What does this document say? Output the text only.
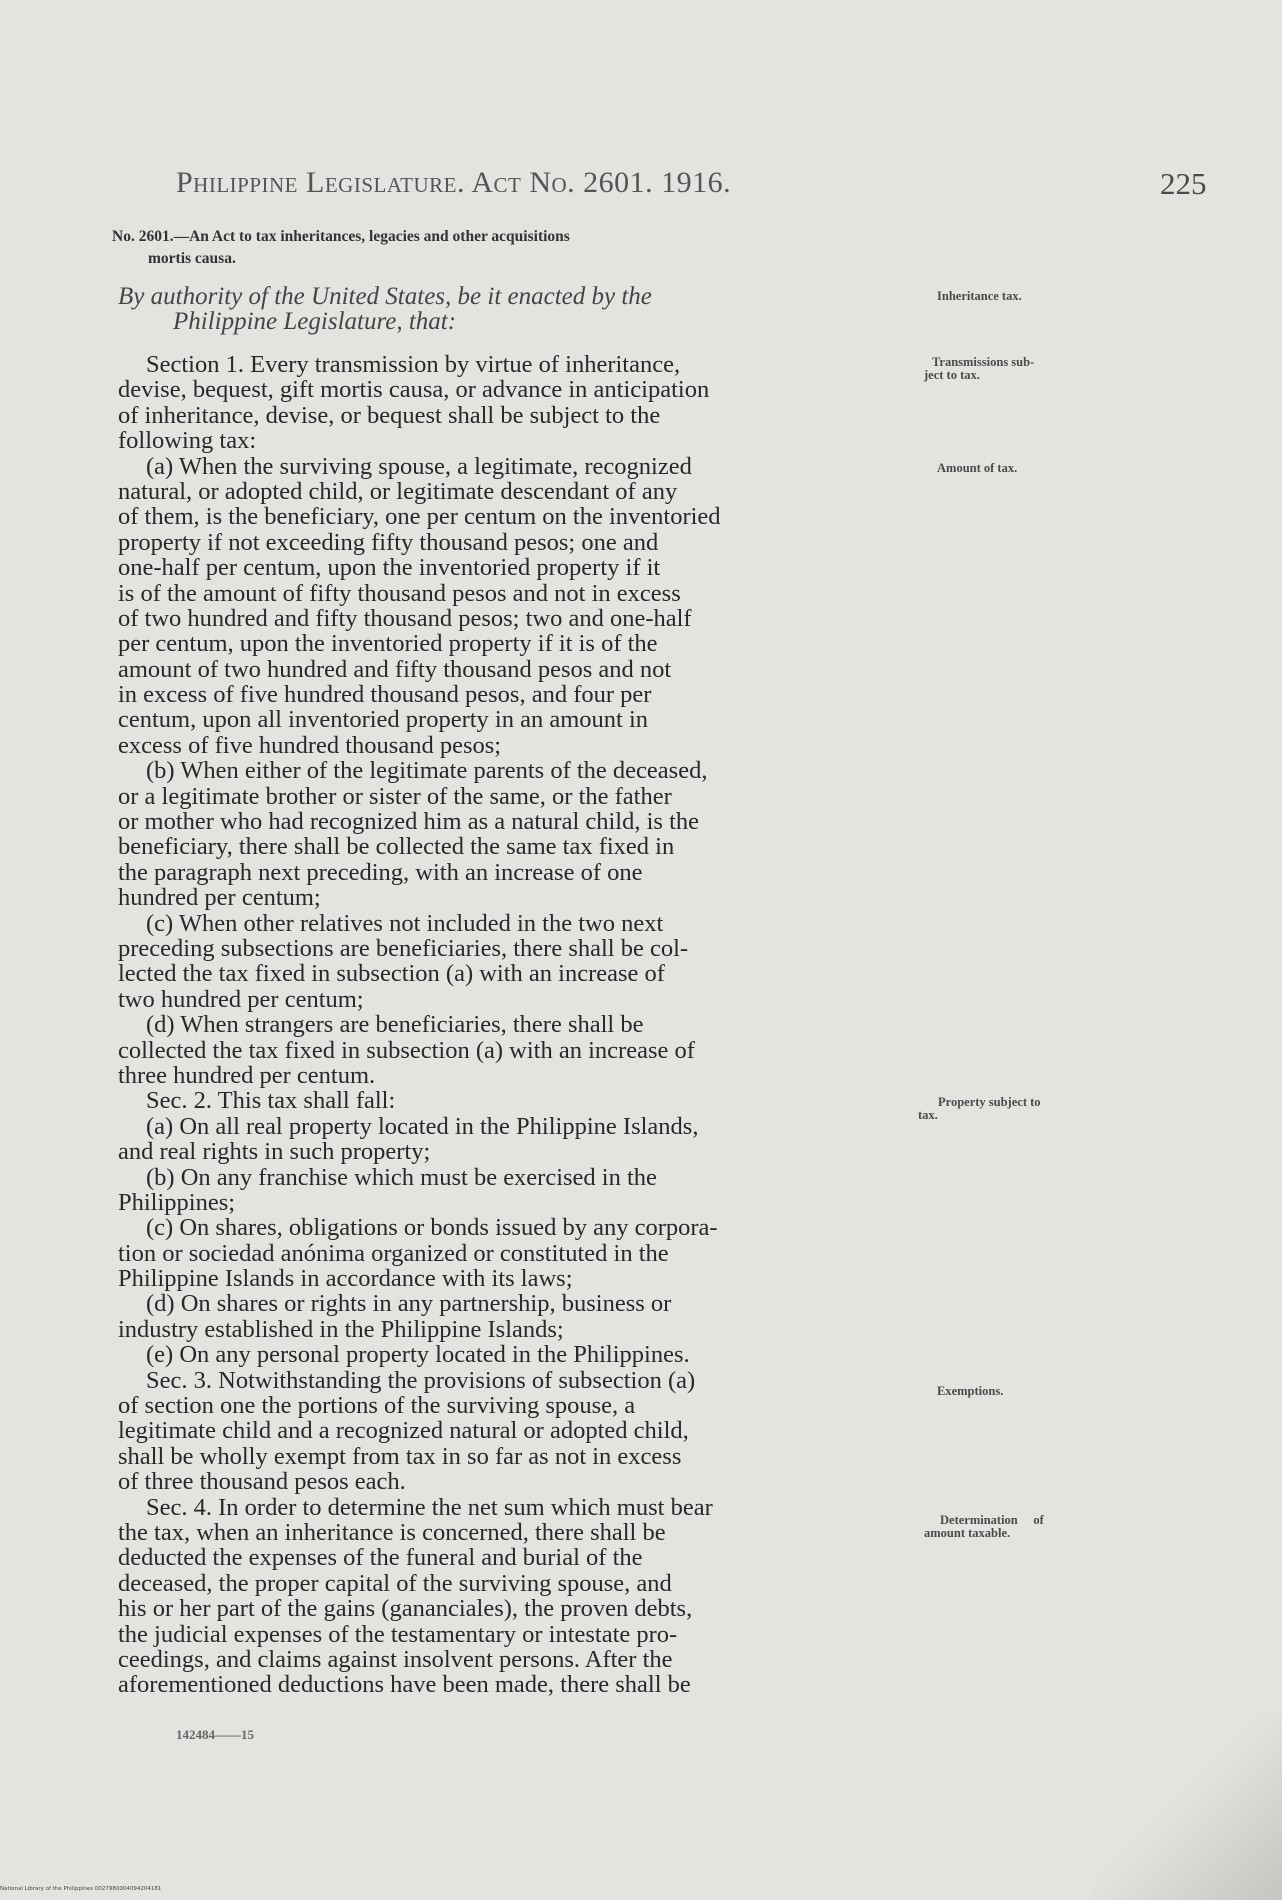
Philippine Legislature. Act No. 2601. 1916.	225
No. 2601.—An Act to tax inheritances, legacies and other acquisitions
mortis causa.
By authority of the United States, be it enacted by the
Philippine Legislature, that:
Section 1. Every transmission by virtue of inheritance,
devise, bequest, gift mortis causa, or advance in anticipation
of inheritance, devise, or bequest shall be subject to the
following tax:
(a) When the surviving spouse, a legitimate, recognized
natural, or adopted child, or legitimate descendant of any
of them, is the beneficiary, one per centum on the inventoried
property if not exceeding fifty thousand pesos; one and
one-half per centum, upon the inventoried property if it
is of the amount of fifty thousand pesos and not in excess
of two hundred and fifty thousand pesos; two and one-half
per centum, upon the inventoried property if it is of the
amount of two hundred and fifty thousand pesos and not
in excess of five hundred thousand pesos, and four per
centum, upon all inventoried property in an amount in
excess of five hundred thousand pesos;
(b) When either of the legitimate parents of the deceased,
or a legitimate brother or sister of the same, or the father
or mother who had recognized him as a natural child, is the
beneficiary, there shall be collected the same tax fixed in
the paragraph next preceding, with an increase of one
hundred per centum;
(c) When other relatives not included in the two next
preceding subsections are beneficiaries, there shall be col-
lected the tax fixed in subsection (a) with an increase of
two hundred per centum;
(d) When strangers are beneficiaries, there shall be
collected the tax fixed in subsection (a) with an increase of
three hundred per centum.
Sec. 2. This tax shall fall:
(a) On all real property located in the Philippine Islands,
and real rights in such property;
(b) On any franchise which must be exercised in the
Philippines;
(c) On shares, obligations or bonds issued by any corpora-
tion or sociedad anónima organized or constituted in the
Philippine Islands in accordance with its laws;
(d) On shares or rights in any partnership, business or
industry established in the Philippine Islands;
(e) On any personal property located in the Philippines.
Sec. 3. Notwithstanding the provisions of subsection (a)
of section one the portions of the surviving spouse, a
legitimate child and a recognized natural or adopted child,
shall be wholly exempt from tax in so far as not in excess
of three thousand pesos each.
Sec. 4. In order to determine the net sum which must bear
the tax, when an inheritance is concerned, there shall be
deducted the expenses of the funeral and burial of the
deceased, the proper capital of the surviving spouse, and
his or her part of the gains (gananciales), the proven debts,
the judicial expenses of the testamentary or intestate pro-
ceedings, and claims against insolvent persons. After the
aforementioned deductions have been made, there shall be
Inheritance tax.
Transmissions sub-
ject to tax.
Amount of tax.
Property subject to
tax.
Exemptions.
Determination     of
amount taxable.
142484——15
National Library of the Philippines 0027980004094204181
